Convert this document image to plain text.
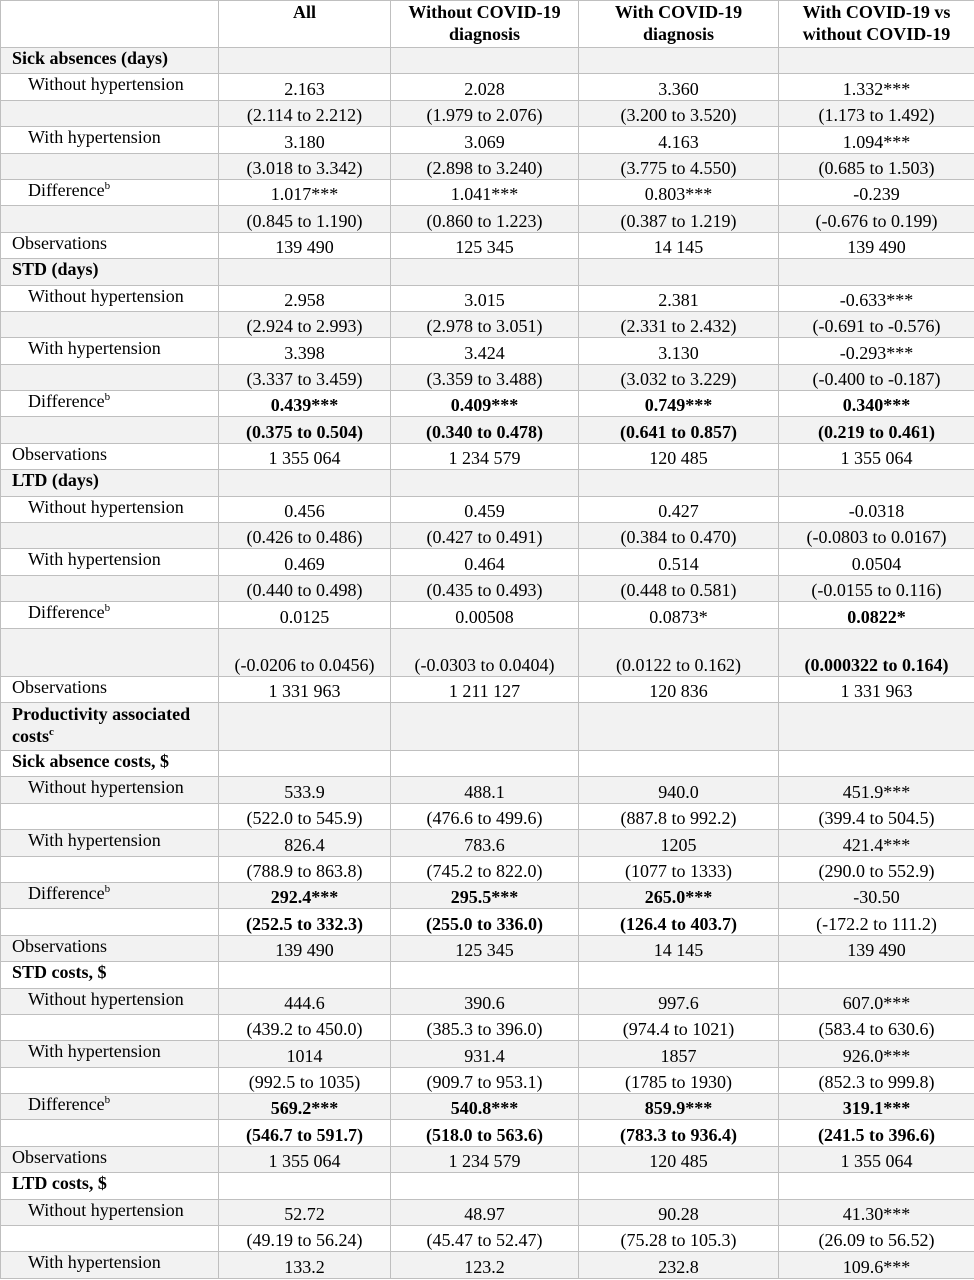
	All	Without COVID-19 diagnosis	With COVID-19 diagnosis	With COVID-19 vs without COVID-19
Sick absences (days)				
Without hypertension	2.163	2.028	3.360	1.332***
	(2.114 to 2.212)	(1.979 to 2.076)	(3.200 to 3.520)	(1.173 to 1.492)
With hypertension	3.180	3.069	4.163	1.094***
	(3.018 to 3.342)	(2.898 to 3.240)	(3.775 to 4.550)	(0.685 to 1.503)
Difference$^b$	1.017***	1.041***	0.803***	-0.239
	(0.845 to 1.190)	(0.860 to 1.223)	(0.387 to 1.219)	(-0.676 to 0.199)
Observations	139 490	125 345	14 145	139 490
STD (days)				
Without hypertension	2.958	3.015	2.381	-0.633***
	(2.924 to 2.993)	(2.978 to 3.051)	(2.331 to 2.432)	(-0.691 to -0.576)
With hypertension	3.398	3.424	3.130	-0.293***
	(3.337 to 3.459)	(3.359 to 3.488)	(3.032 to 3.229)	(-0.400 to -0.187)
Difference$^b$	0.439***	0.409***	0.749***	0.340***
	(0.375 to 0.504)	(0.340 to 0.478)	(0.641 to 0.857)	(0.219 to 0.461)
Observations	1 355 064	1 234 579	120 485	1 355 064
LTD (days)				
Without hypertension	0.456	0.459	0.427	-0.0318
	(0.426 to 0.486)	(0.427 to 0.491)	(0.384 to 0.470)	(-0.0803 to 0.0167)
With hypertension	0.469	0.464	0.514	0.0504
	(0.440 to 0.498)	(0.435 to 0.493)	(0.448 to 0.581)	(-0.0155 to 0.116)
Difference$^b$	0.0125	0.00508	0.0873*	0.0822*
	(-0.0206 to 0.0456)	(-0.0303 to 0.0404)	(0.0122 to 0.162)	(0.000322 to 0.164)
Observations	1 331 963	1 211 127	120 836	1 331 963
Productivity associated costs$^c$				
Sick absence costs, $				
Without hypertension	533.9	488.1	940.0	451.9***
	(522.0 to 545.9)	(476.6 to 499.6)	(887.8 to 992.2)	(399.4 to 504.5)
With hypertension	826.4	783.6	1205	421.4***
	(788.9 to 863.8)	(745.2 to 822.0)	(1077 to 1333)	(290.0 to 552.9)
Difference$^b$	292.4***	295.5***	265.0***	-30.50
	(252.5 to 332.3)	(255.0 to 336.0)	(126.4 to 403.7)	(-172.2 to 111.2)
Observations	139 490	125 345	14 145	139 490
STD costs, $				
Without hypertension	444.6	390.6	997.6	607.0***
	(439.2 to 450.0)	(385.3 to 396.0)	(974.4 to 1021)	(583.4 to 630.6)
With hypertension	1014	931.4	1857	926.0***
	(992.5 to 1035)	(909.7 to 953.1)	(1785 to 1930)	(852.3 to 999.8)
Difference$^b$	569.2***	540.8***	859.9***	319.1***
	(546.7 to 591.7)	(518.0 to 563.6)	(783.3 to 936.4)	(241.5 to 396.6)
Observations	1 355 064	1 234 579	120 485	1 355 064
LTD costs, $				
Without hypertension	52.72	48.97	90.28	41.30***
	(49.19 to 56.24)	(45.47 to 52.47)	(75.28 to 105.3)	(26.09 to 56.52)
With hypertension	133.2	123.2	232.8	109.6***
